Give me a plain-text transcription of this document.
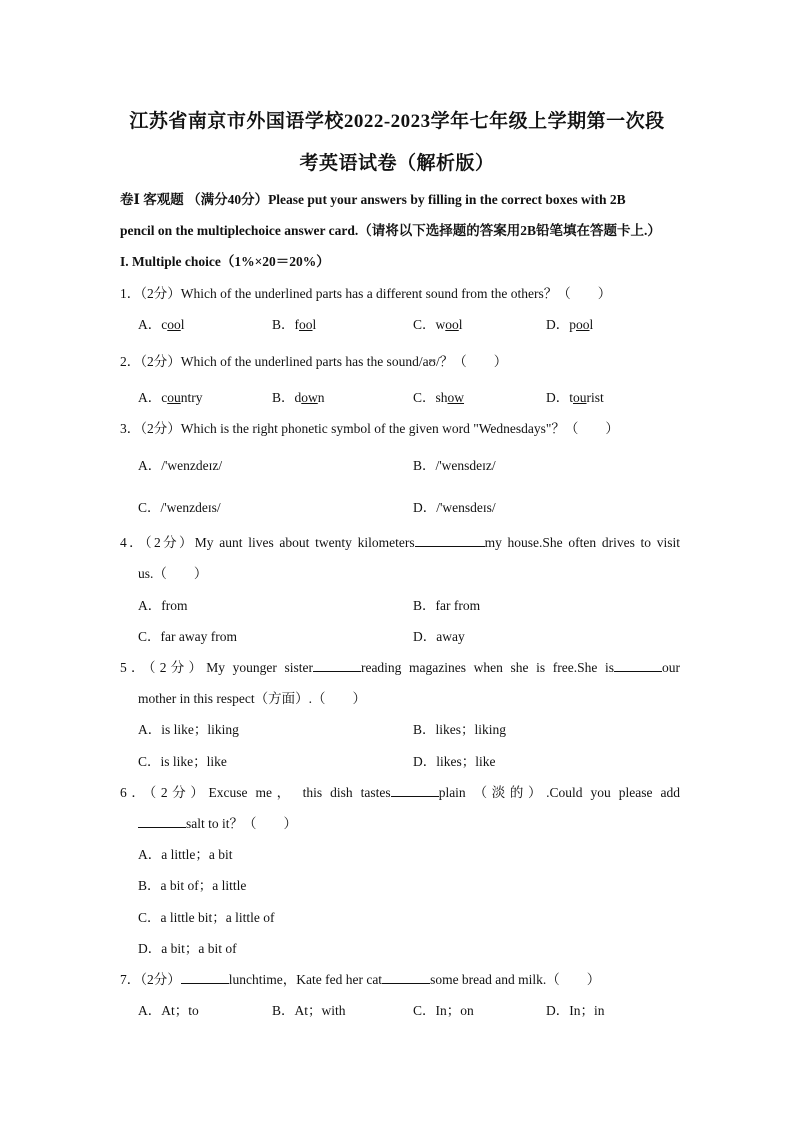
江苏省南京市外国语学校2022-2023学年七年级上学期第一次段
考英语试卷（解析版）
卷Ⅰ 客观题 （满分40分）Please put your answers by filling in the correct boxes with 2B
pencil on the multiplechoice answer card.（请将以下选择题的答案用2B铅笔填在答题卡上.）
I. Multiple choice（1%×20＝20%）
1．（2分）Which of the underlined parts has a different sound from the others？（　　）
A．cool	B．fool	C．wool	D．pool
2．（2分）Which of the underlined parts has the sound/aʊ/？（　　）
A．country	B．down	C．show	D．tourist
3．（2分）Which is the right phonetic symbol of the given word "Wednesdays"？（　　）
A．/'wenzdeɪz/	B．/'wensdeɪz/
C．/'wenzdeɪs/	D．/'wensdeɪs/
4．（2分）My aunt lives about twenty kilometers	my house.She often drives to visit
us.（　　）
A．from	B．far from
C．far away from	D．away
5．（2分）My younger sister	reading magazines when she is free.She is	our
mother in this respect（方面）.（　　）
A．is like；liking	B．likes；liking
C．is like；like	D．likes；like
6．（2分）Excuse me， this dish tastes	plain （淡的）.Could you please add
salt to it？（　　）
A．a little；a bit
B．a bit of；a little
C．a little bit；a little of
D．a bit；a bit of
7．（2分）	lunchtime，Kate fed her cat	some bread and milk.（　　）
A．At；to	B．At；with	C．In；on	D．In；in
